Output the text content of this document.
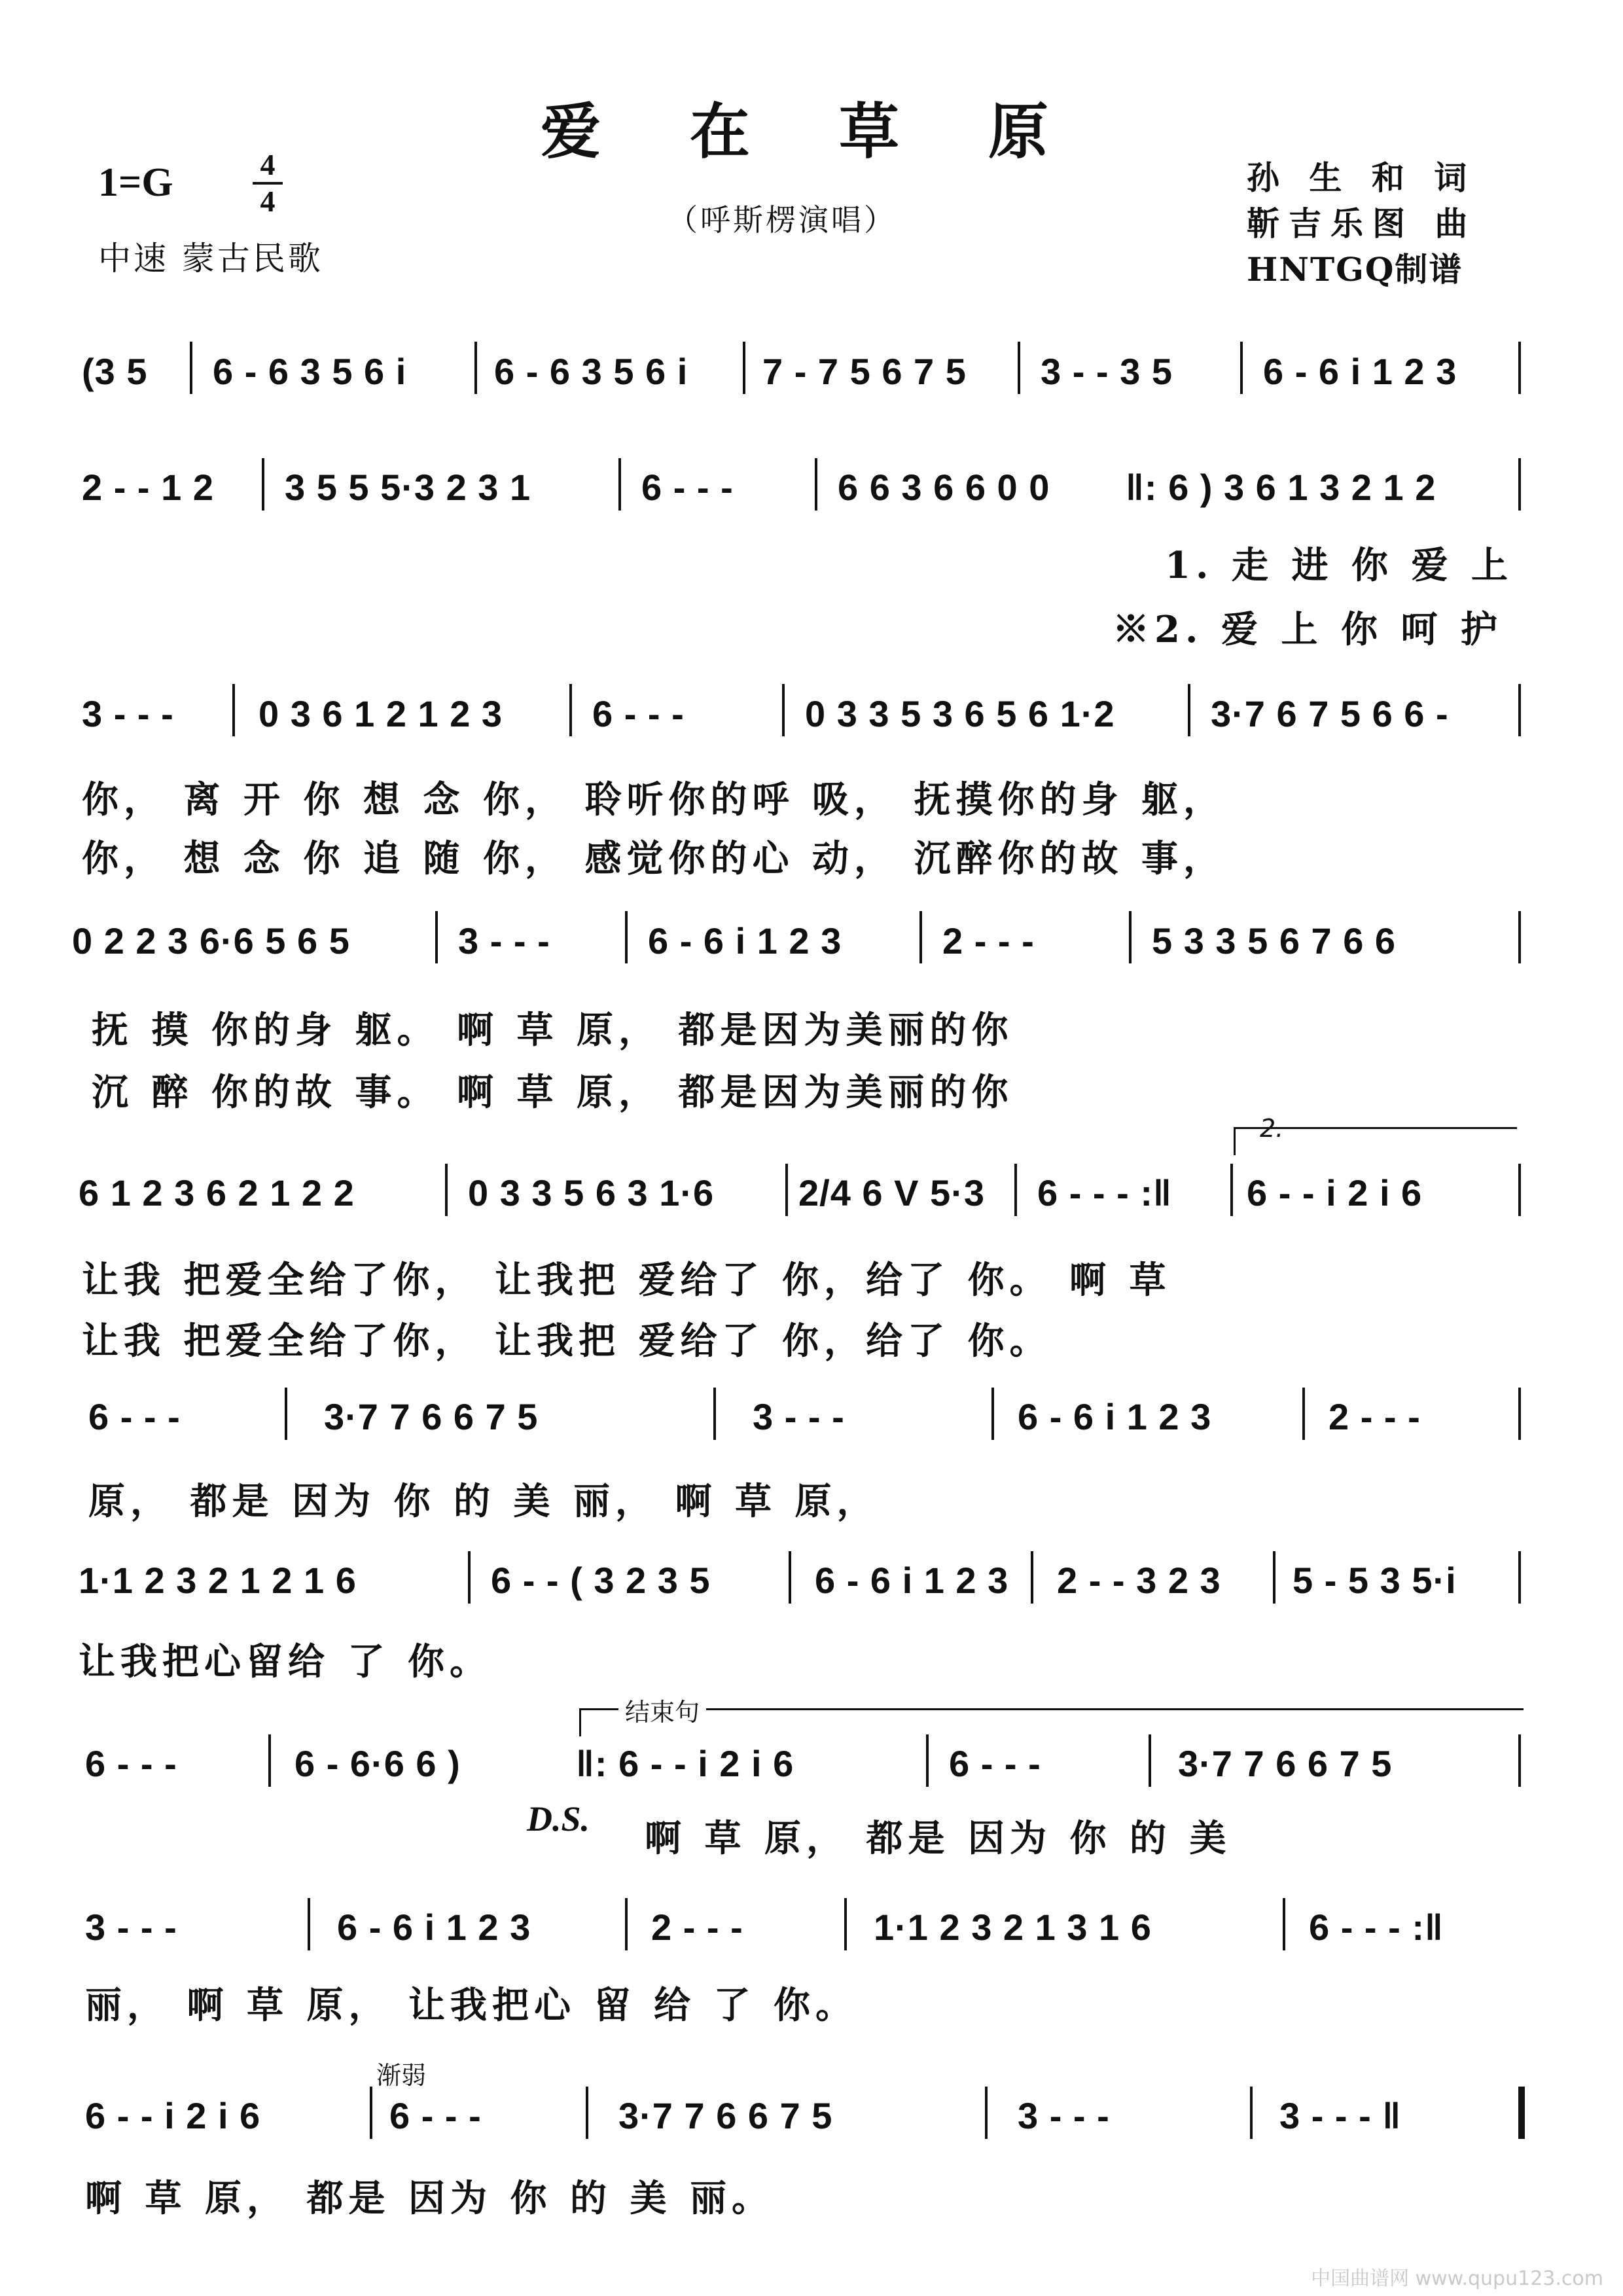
爱 在 草 原
1=G	$\frac{4}{4}$
中速 蒙古民歌
（呼斯楞演唱）
孙 生 和 词
靳吉乐图 曲
HNTGQ制谱
(3 5 6 - 6 3 5 6 i 6 - 6 3 5 6 i 7 - 7 5 6 7 5 3 - - 3 5 6 - 6 i 1 2 3
2 - - 1 2 3 5 5 5·3 2 3 1	6 - - -	6 6 3 6 6 0 0 ‖: 6 ) 3 6 1 3 2 1 2
1. 走 进 你 爱 上
※2. 爱 上 你 呵 护
3 - - - 0 3 6 1 2 1 2 3 6 - - -	0 3 3 5 3 6 5 6 1·2	3·7 6 7 5 6 6 -
你， 离 开 你 想 念 你， 聆听你的呼 吸， 抚摸你的身 躯，
你， 想 念 你 追 随 你， 感觉你的心 动， 沉醉你的故 事，
0 2 2 3 6·6 5 6 5	3 - - -	6 - 6 i 1 2 3	2 - - -	5 3 3 5 6 7 6 6
抚 摸 你的身 躯。 啊 草 原， 都是因为美丽的你
沉 醉 你的故 事。 啊 草 原， 都是因为美丽的你
2.
6 1 2 3 6 2 1 2 2	0 3 3 5 6 3 1·6 2/4 6 V 5·3 6 - - - :‖ 6 - - i 2 i 6
让我 把爱全给了你， 让我把 爱给了 你，给了 你。 啊 草
让我 把爱全给了你， 让我把 爱给了 你，给了 你。
6 - - -	3·7 7 6 6 7 5	3 - - -	6 - 6 i 1 2 3	2 - - -
原， 都是 因为 你 的 美 丽， 啊 草 原，
1·1 2 3 2 1 2 1 6	6 - - ( 3 2 3 5	6 - 6 i 1 2 3 2 - - 3 2 3 5 - 5 3 5·i
让我把心留给 了 你。
结束句
6 - - -	6 - 6·6 6 )	‖: 6 - - i 2 i 6	6 - - -	3·7 7 6 6 7 5
D.S. 啊 草 原， 都是 因为 你 的 美
3 - - -	6 - 6 i 1 2 3	2 - - -	1·1 2 3 2 1 3 1 6	6 - - - :‖
丽， 啊 草 原， 让我把心 留 给 了 你。
渐弱
6 - - i 2 i 6	6 - - -	3·7 7 6 6 7 5	3 - - -	3 - - - ‖
啊 草 原， 都是 因为 你 的 美 丽。
中国曲谱网 www.qupu123.com
